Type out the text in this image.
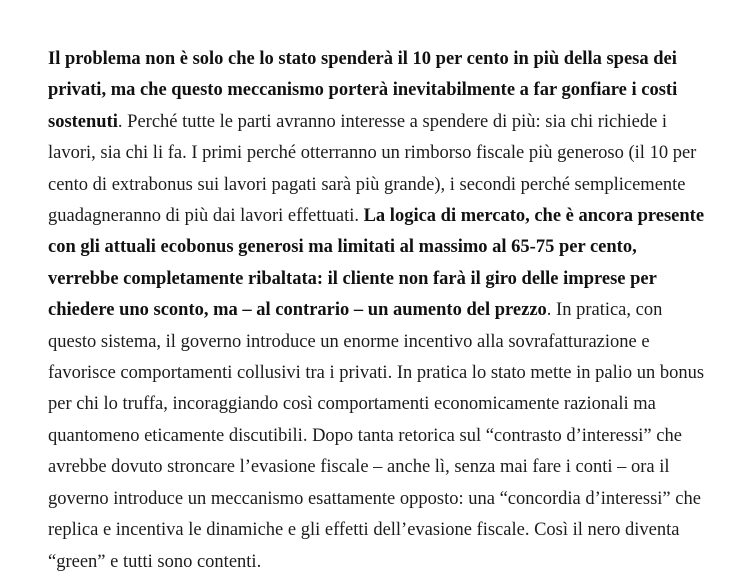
Il problema non è solo che lo stato spenderà il 10 per cento in più della spesa dei privati, ma che questo meccanismo porterà inevitabilmente a far gonfiare i costi sostenuti. Perché tutte le parti avranno interesse a spendere di più: sia chi richiede i lavori, sia chi li fa. I primi perché otterranno un rimborso fiscale più generoso (il 10 per cento di extrabonus sui lavori pagati sarà più grande), i secondi perché semplicemente guadagneranno di più dai lavori effettuati. La logica di mercato, che è ancora presente con gli attuali ecobonus generosi ma limitati al massimo al 65-75 per cento, verrebbe completamente ribaltata: il cliente non farà il giro delle imprese per chiedere uno sconto, ma – al contrario – un aumento del prezzo. In pratica, con questo sistema, il governo introduce un enorme incentivo alla sovrafatturazione e favorisce comportamenti collusivi tra i privati. In pratica lo stato mette in palio un bonus per chi lo truffa, incoraggiando così comportamenti economicamente razionali ma quantomeno eticamente discutibili. Dopo tanta retorica sul “contrasto d’interessi” che avrebbe dovuto stroncare l’evasione fiscale – anche lì, senza mai fare i conti – ora il governo introduce un meccanismo esattamente opposto: una “concordia d’interessi” che replica e incentiva le dinamiche e gli effetti dell’evasione fiscale. Così il nero diventa “green” e tutti sono contenti.
